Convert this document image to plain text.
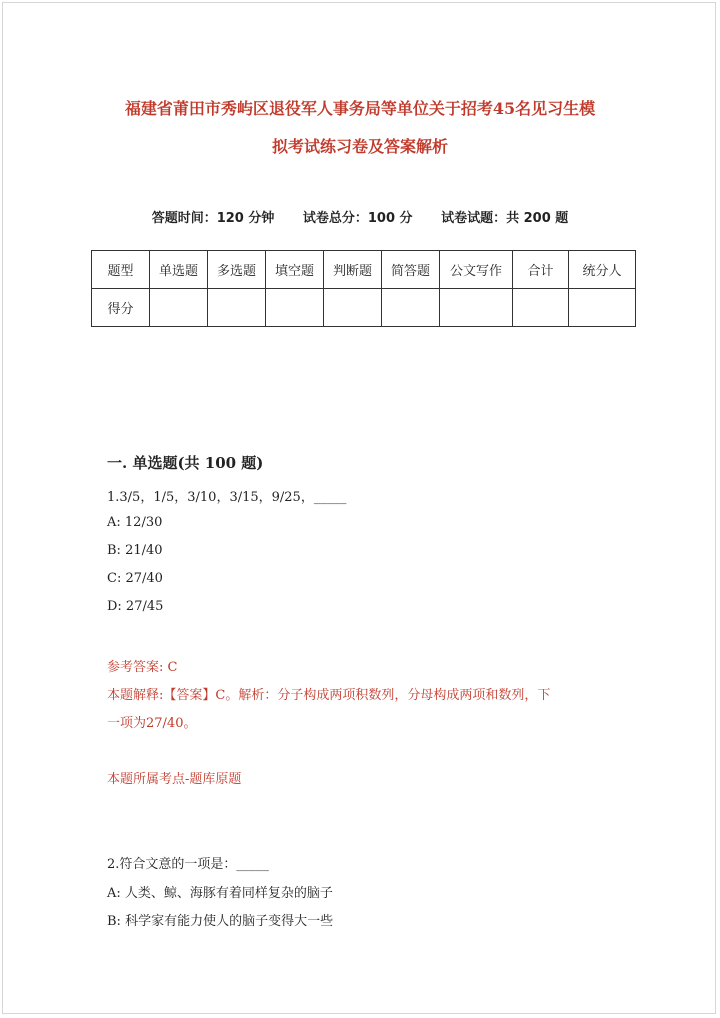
福建省莆田市秀屿区退役军人事务局等单位关于招考45名见习生模
拟考试练习卷及答案解析
答题时间：120 分钟 试卷总分：100 分 试卷试题：共 200 题
题型	单选题	多选题	填空题	判断题	简答题	公文写作	合计	统分人
得分								
一. 单选题(共 100 题)
1.3/5，1/5，3/10，3/15，9/25，_____
A: 12/30
B: 21/40
C: 27/40
D: 27/45
参考答案: C
本题解释:【答案】C。解析：分子构成两项积数列，分母构成两项和数列，下
一项为27/40。
本题所属考点-题库原题
2.符合文意的一项是：_____
A: 人类、鲸、海豚有着同样复杂的脑子
B: 科学家有能力使人的脑子变得大一些
